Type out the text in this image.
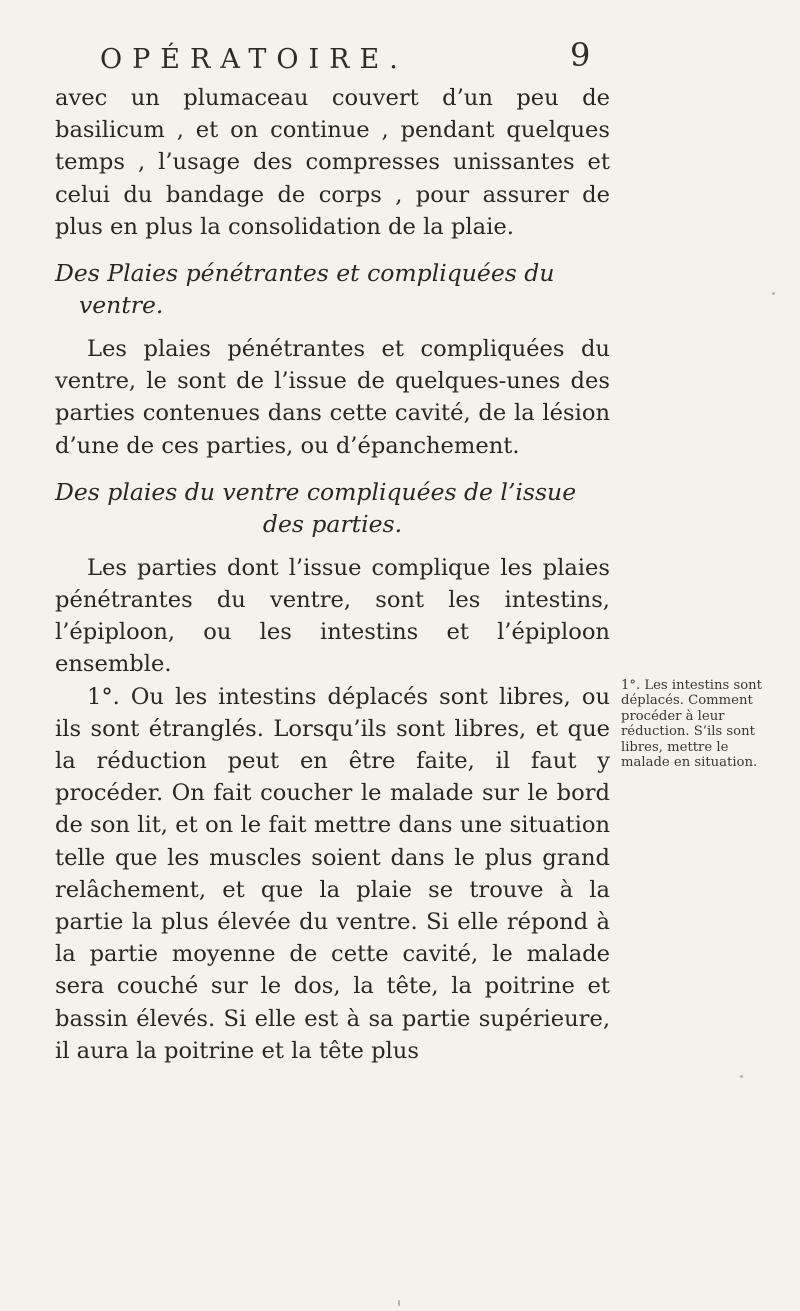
OPÉRATOIRE.	9

avec un plumaceau couvert d’un peu de basilicum , et on continue , pendant quelques temps , l’usage des compresses unissantes et celui du bandage de corps , pour assurer de plus en plus la consolidation de la plaie.

Des Plaies pénétrantes et compliquées du
ventre.

Les plaies pénétrantes et compliquées du ventre, le sont de l’issue de quelques-unes des parties contenues dans cette cavité, de la lésion d’une de ces parties, ou d’épanchement.

Des plaies du ventre compliquées de l’issue
des parties.

Les parties dont l’issue complique les plaies pénétrantes du ventre, sont les intestins, l’épiploon, ou les intestins et l’épiploon ensemble.

1°. Ou les intestins déplacés sont libres, ou ils sont étranglés. Lorsqu’ils sont libres, et que la réduction peut en être faite, il faut y procéder. On fait coucher le malade sur le bord de son lit, et on le fait mettre dans une situation telle que les muscles soient dans le plus grand relâchement, et que la plaie se trouve à la partie la plus élevée du ventre. Si elle répond à la partie moyenne de cette cavité, le malade sera couché sur le dos, la tête, la poitrine et bassin élevés. Si elle est à sa partie supérieure, il aura la poitrine et la tête plus

1°. Les intestins sont déplacés. Comment procéder à leur réduction. S’ils sont libres, mettre le malade en situation.
